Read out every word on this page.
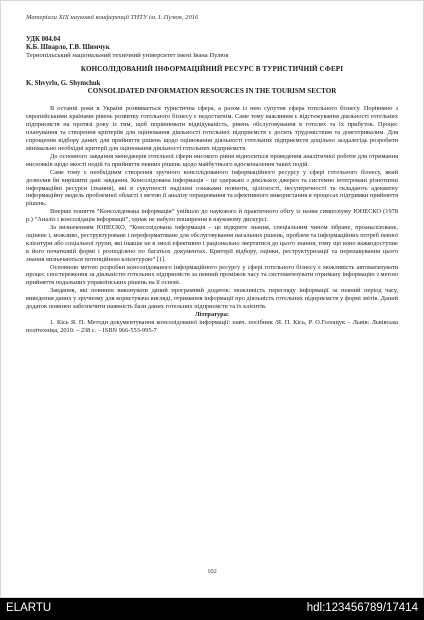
Матеріали XIX наукової конференції ТНТУ ім. І. Пулюя, 2016

УДК 004.04

К.Б. Шварло, Г.В. Шимчук

Тернопільський національний технічний університет імені Івана Пулюя

КОНСОЛІДОВАНИЙ ІНФОРМАЦІЙНИЙ РЕСУРС В ТУРИСТИЧНІЙ СФЕРІ

K. Shvyrlo, G. Shymchuk

CONSOLIDATED INFORMATION RESOURCES IN THE TOURISM SECTOR

В останні роки в Україні розвивається туристична сфера, а разом із нею супутня сфера готельного бізнесу. Порівняно з європейськими країнами рівень розвитку готельного бізнесу є недостатнім. Саме тому важливим є відстежування діяльності готельних підприємств на протязі року із тим, щоб порівнювати відвідуваність, рівень обслуговування в готелях та їх прибуток. Процес планування та створення критеріїв для оцінювання діяльності готельних підприємств є досить трудомістким та довготривалим. Для спрощення відбору даних для прийняття рішень щодо оцінювання діяльності готельних підприємств доцільно заздалегідь розробити мінімально необхідні критерії для оцінювання діяльності готельних підприємств.

До основного завдання менеджерів готельної сфери високого рівня відноситься проведення аналітичної роботи для отримання висновків щодо якості подій та прийняття певних рішень щодо майбутнього вдосконалення таких подій.

Саме тому є необхідним створення зручного консолідованого інформаційного ресурсу у сфері готельного бізнесу, який дозволив би вирішити дані завдання. Консолідована інформація – це одержані з декількох джерел та системно інтегровані різнотипні інформаційні ресурси (знання), які в сукупності наділені ознаками повноти, цілісності, несуперечності та складають адекватну інформаційну модель проблемної області з метою її аналізу опрацювання та ефективного використання в процесах підтримки прийняття рішень.

Вперше поняття “Консолідована інформація” увійшло до наукового й практичного обігу із назви симпозіуму ЮНЕСКО (1978 р.) “Аналіз і консолідація інформації”, однак не набуло поширення в науковому дискурсі.

За визначенням ЮНЕСКО, “Консолідована інформація – це відкрите знання, спеціальним чином зібране, проаналізоване, оцінене і, можливо, реструктуроване і переформатоване для обслуговування нагальних рішень, проблем та інформаційних потреб певної клієнтури або соціальної групи, які інакше не в змозі ефективно і раціонально звертатися до цього знання, тому що воно важкодоступне в його початковій формі і розподілено по багатьох документах. Критерії відбору, оцінки, реструктуризації та перепакування цього знання визначаються потенційною клієнтурою” [1].

Основною метою розробки консолідованого інформаційного ресурсу у сфері готельного бізнесу є можливість автоматизувати процес спостереження за діяльністю готельних підприємств за певний проміжок часу та систематизувати отриману інформацію з метою прийняття подальших управлінських рішень на її основі.

Завдання, які повинен виконувати даний програмний додаток: можливість перегляду інформації за певний період часу, виведення даних у зручному для користувача вигляді, отримання інформації про діяльність готельних підприємств у формі звітів. Даний додаток повинен забезпечити наявність бази даних готельних підприємств та їх клієнтів.

Література:

1. Кісь Я. П. Методи документування консолідованої інформації: навч. посібник /Я. П. Кісь, Р. О.Голощук – Львів: Львівська політехніка, 2010. – 238 с. – ISBN 966-553-995-7

102
ELARTU	hdl:123456789/17414
